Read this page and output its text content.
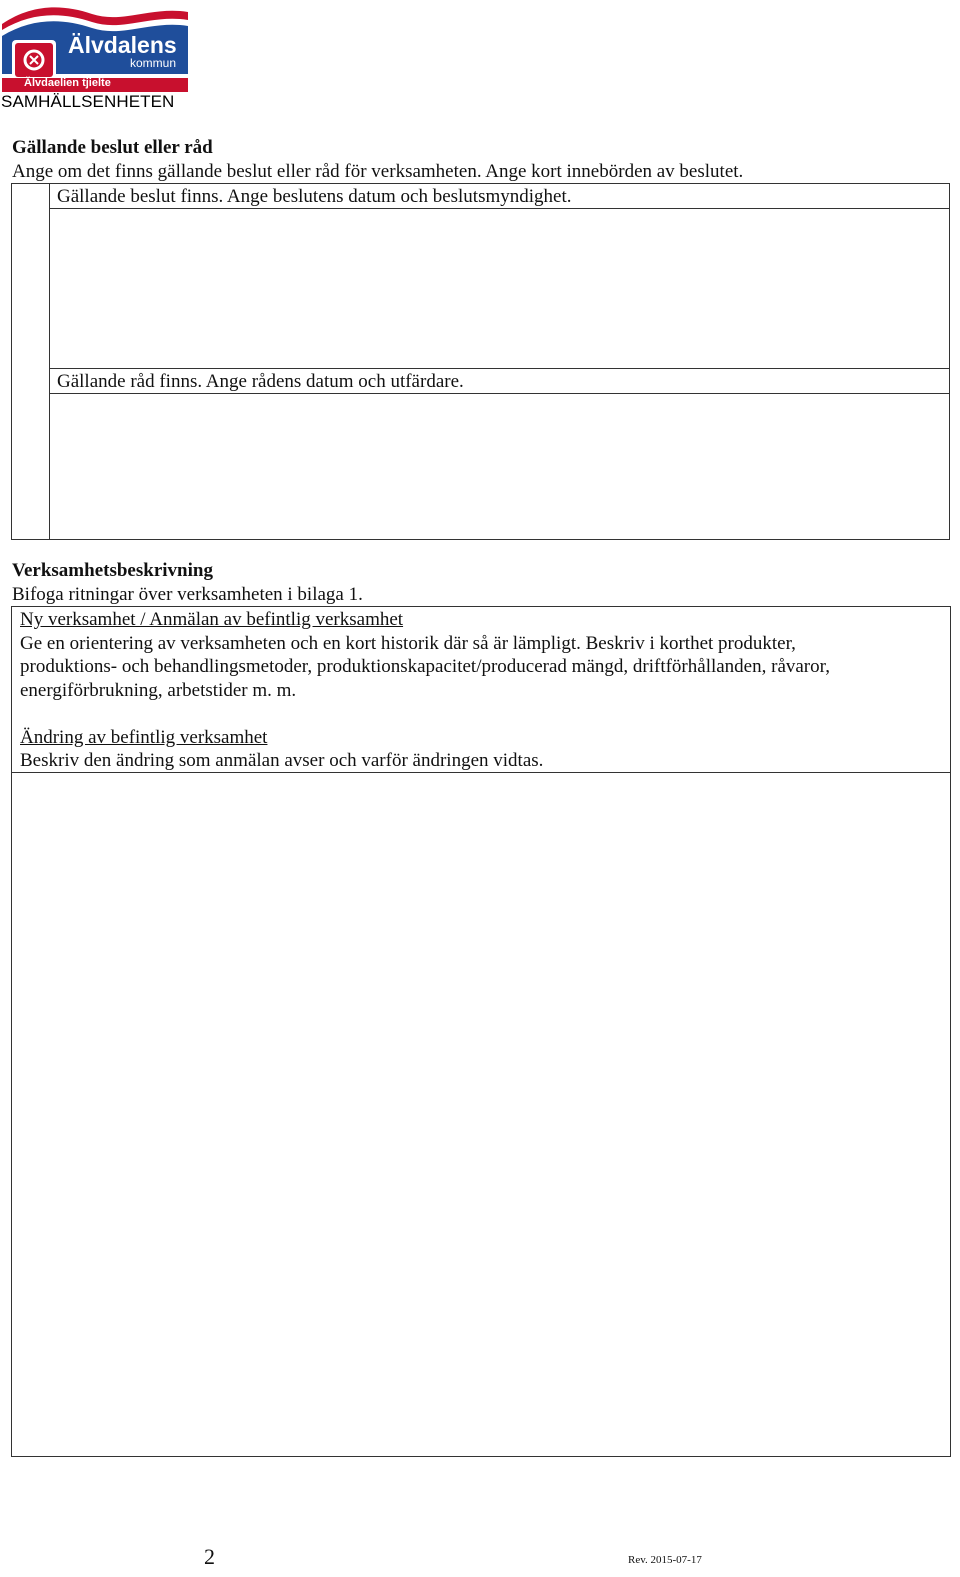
Älvdalens
kommun
Älvdaelien tjielte
SAMHÄLLSENHETEN
Gällande beslut eller råd
Ange om det finns gällande beslut eller råd för verksamheten. Ange kort innebörden av beslutet.
Gällande beslut finns. Ange beslutens datum och beslutsmyndighet.
Gällande råd finns. Ange rådens datum och utfärdare.
Verksamhetsbeskrivning
Bifoga ritningar över verksamheten i bilaga 1.
Ny verksamhet / Anmälan av befintlig verksamhet
Ge en orientering av verksamheten och en kort historik där så är lämpligt. Beskriv i korthet produkter,
produktions- och behandlingsmetoder, produktionskapacitet/producerad mängd, driftförhållanden, råvaror,
energiförbrukning, arbetstider m. m.
Ändring av befintlig verksamhet
Beskriv den ändring som anmälan avser och varför ändringen vidtas.
2	Rev. 2015-07-17
